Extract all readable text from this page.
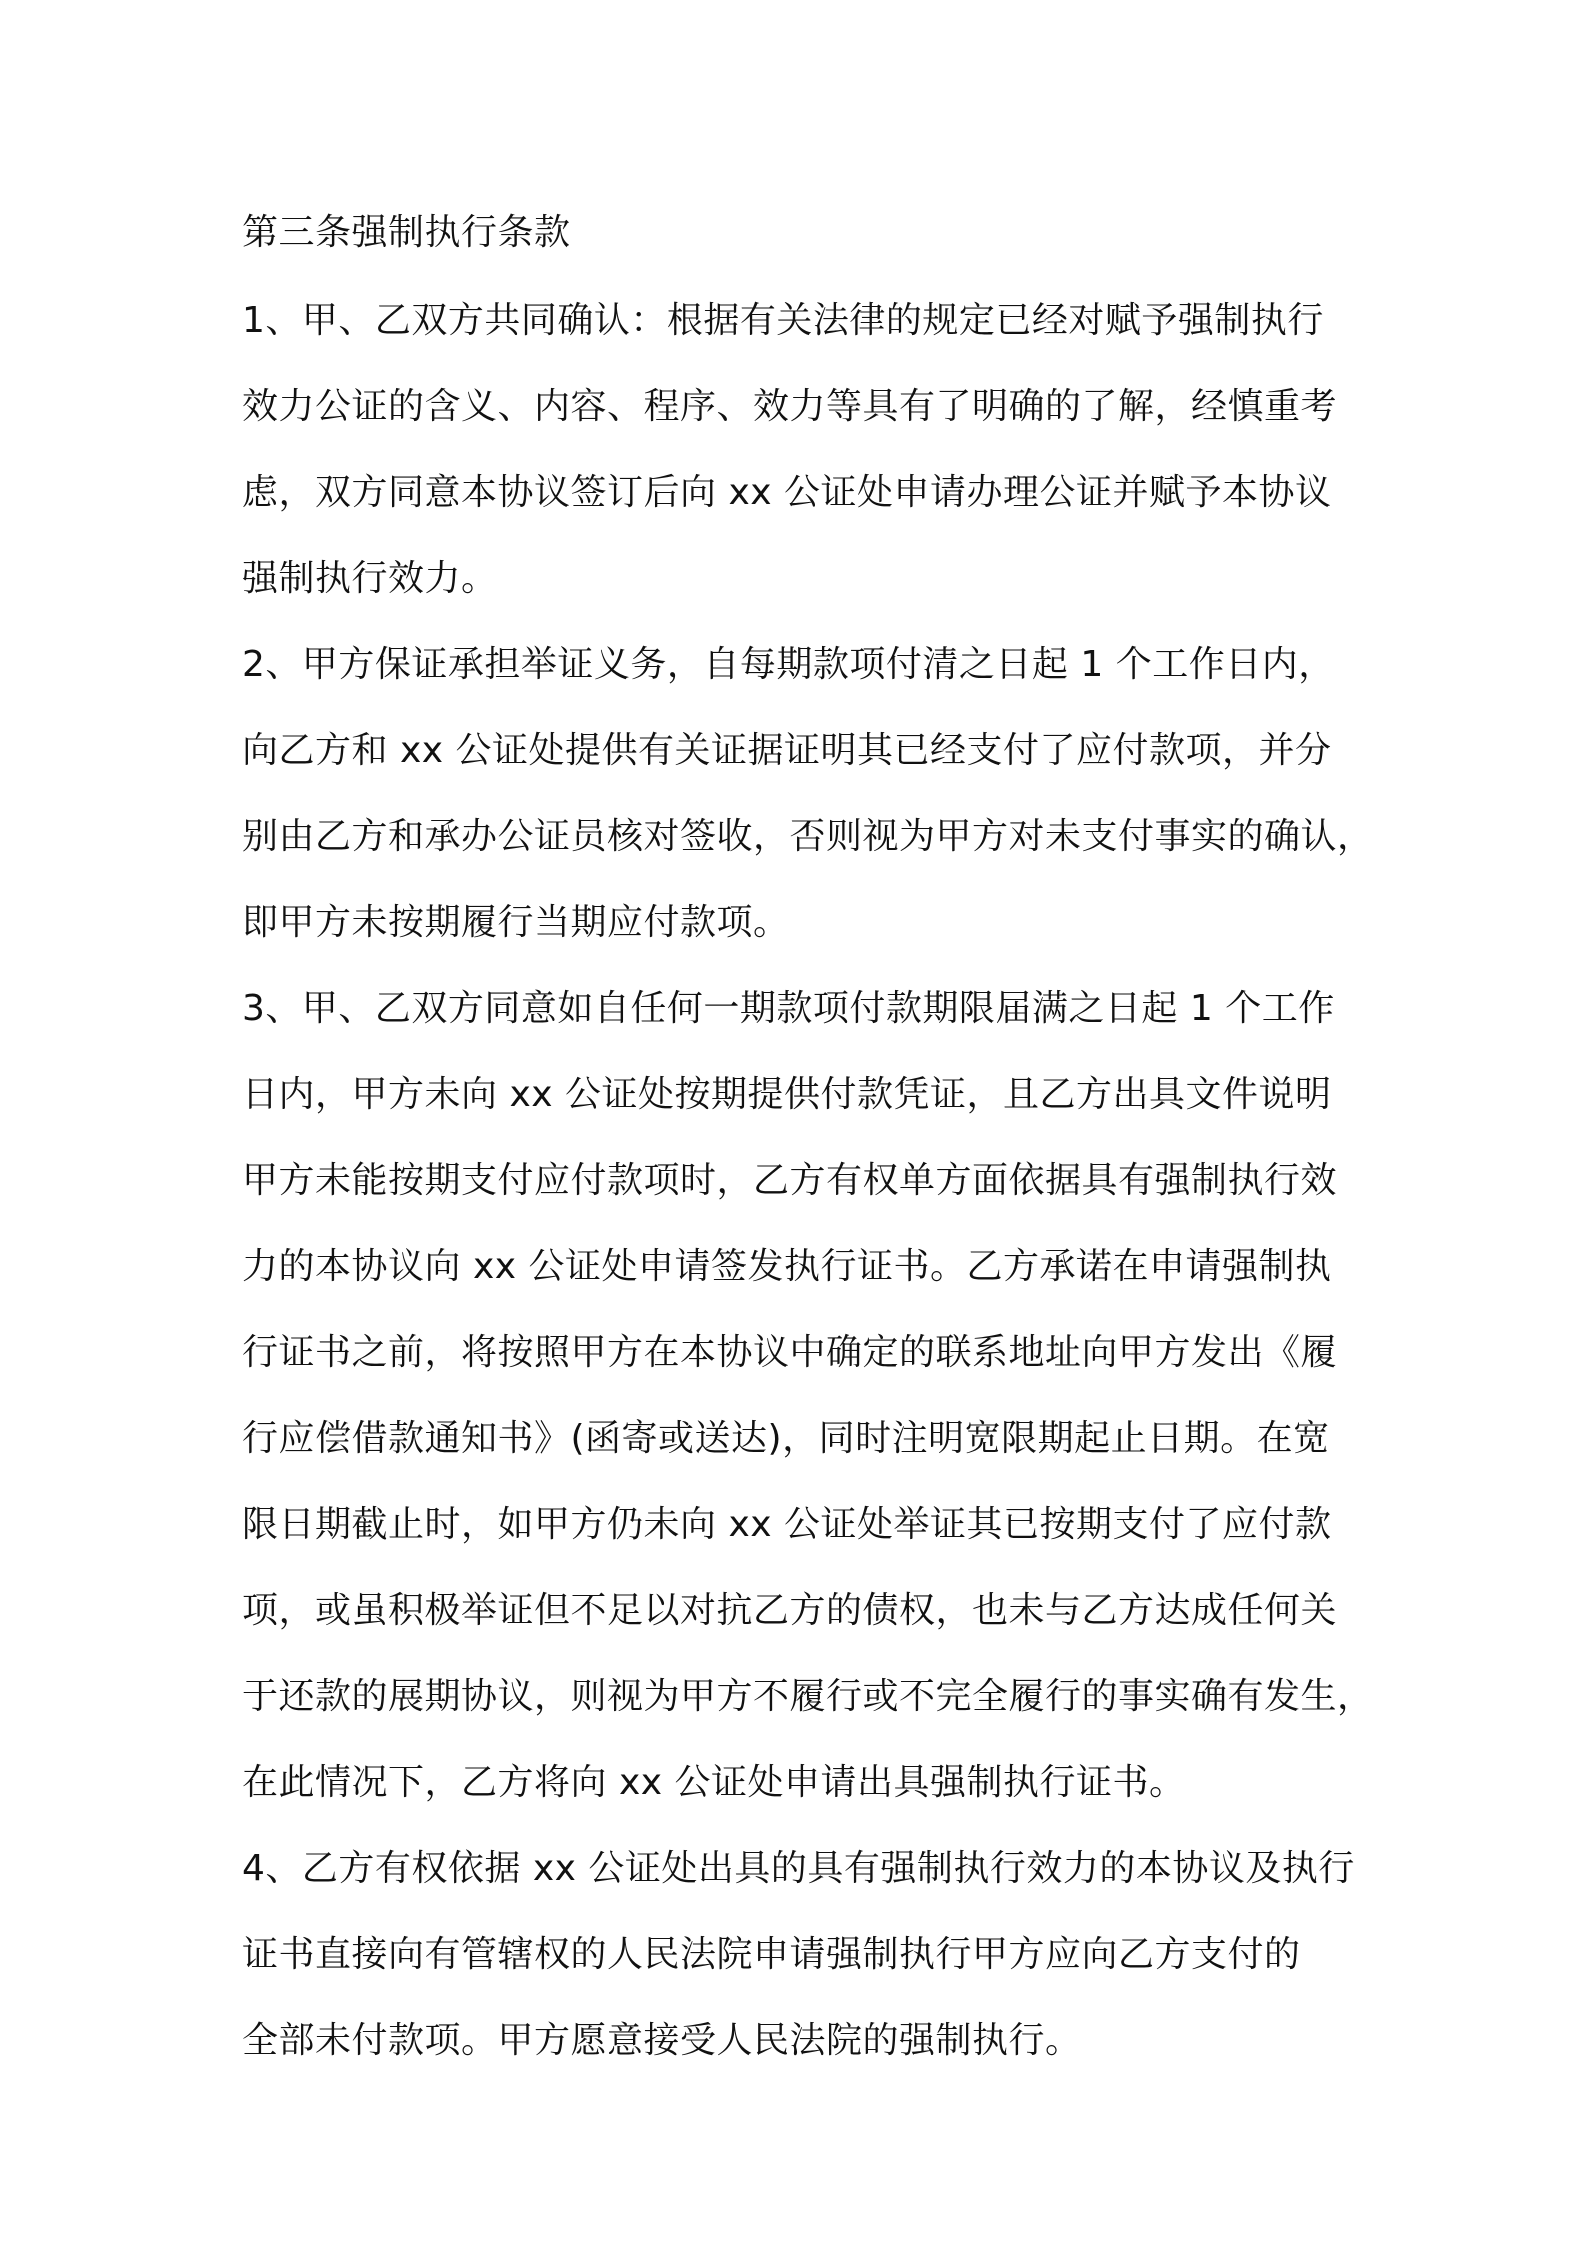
第三条强制执行条款
1、甲、乙双方共同确认：根据有关法律的规定已经对赋予强制执行
效力公证的含义、内容、程序、效力等具有了明确的了解，经慎重考
虑，双方同意本协议签订后向 xx 公证处申请办理公证并赋予本协议
强制执行效力。
2、甲方保证承担举证义务，自每期款项付清之日起 1 个工作日内，
向乙方和 xx 公证处提供有关证据证明其已经支付了应付款项，并分
别由乙方和承办公证员核对签收，否则视为甲方对未支付事实的确认，
即甲方未按期履行当期应付款项。
3、甲、乙双方同意如自任何一期款项付款期限届满之日起 1 个工作
日内，甲方未向 xx 公证处按期提供付款凭证，且乙方出具文件说明
甲方未能按期支付应付款项时，乙方有权单方面依据具有强制执行效
力的本协议向 xx 公证处申请签发执行证书。乙方承诺在申请强制执
行证书之前，将按照甲方在本协议中确定的联系地址向甲方发出《履
行应偿借款通知书》(函寄或送达)，同时注明宽限期起止日期。在宽
限日期截止时，如甲方仍未向 xx 公证处举证其已按期支付了应付款
项，或虽积极举证但不足以对抗乙方的债权，也未与乙方达成任何关
于还款的展期协议，则视为甲方不履行或不完全履行的事实确有发生，
在此情况下，乙方将向 xx 公证处申请出具强制执行证书。
4、乙方有权依据 xx 公证处出具的具有强制执行效力的本协议及执行
证书直接向有管辖权的人民法院申请强制执行甲方应向乙方支付的
全部未付款项。甲方愿意接受人民法院的强制执行。
